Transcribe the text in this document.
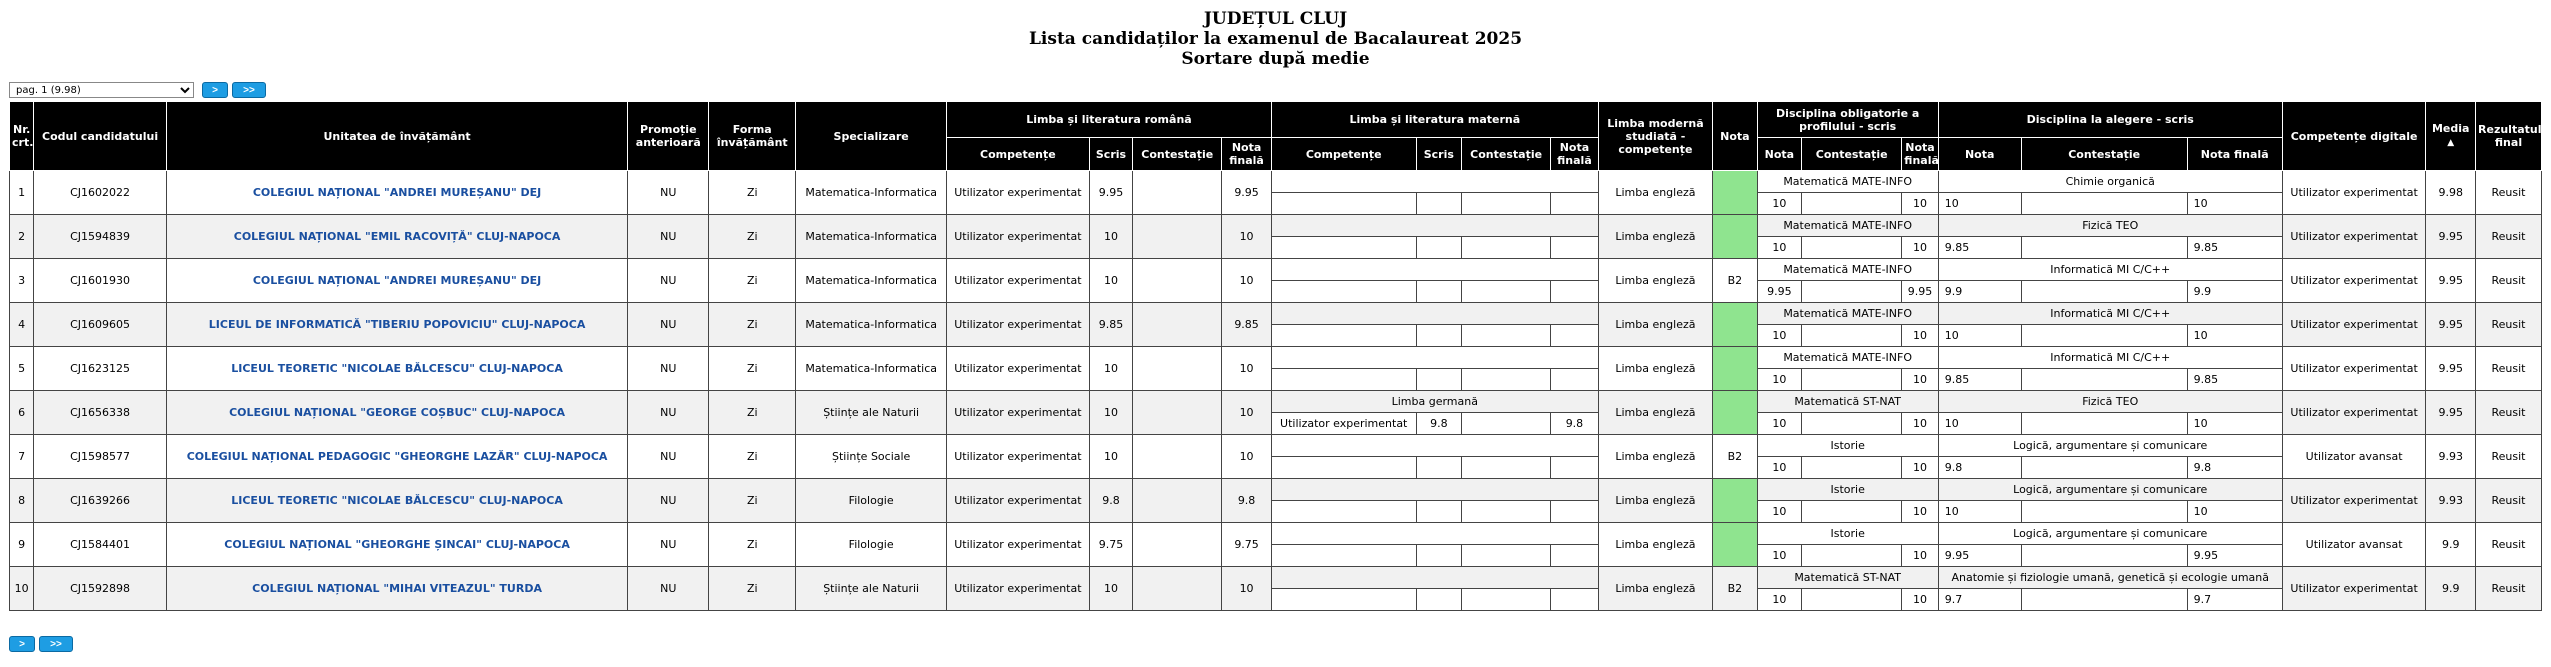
JUDEȚUL CLUJ
Lista candidaților la examenul de Bacalaureat 2025
Sortare după medie
pag. 1 (9.98)
>	>>
Nr. crt.	Codul candidatului	Unitatea de învățământ	Promoție anterioară	Forma învățământ	Specializare	Limba și literatura română				Limba și literatura maternă				Limba modernă studiată - competențe	Nota	Disciplina obligatorie a profilului - scris			Disciplina la alegere - scris			Competențe digitale	Media ▲	Rezultatul final
						Competențe	Scris	Contestație	Nota finală	Competențe	Scris	Contestație	Nota finală			Nota	Contestație	Nota finală	Nota	Contestație	Nota finală			
1	CJ1602022	COLEGIUL NAȚIONAL "ANDREI MUREȘANU" DEJ	NU	Zi	Matematica-Informatica	Utilizator experimentat	9.95		9.95					Limba engleză		Matematică MATE-INFO			Chimie organică			Utilizator experimentat	9.98	Reusit
																10		10	10		10			
2	CJ1594839	COLEGIUL NAȚIONAL "EMIL RACOVIȚĂ" CLUJ-NAPOCA	NU	Zi	Matematica-Informatica	Utilizator experimentat	10		10					Limba engleză		Matematică MATE-INFO			Fizică TEO			Utilizator experimentat	9.95	Reusit
																10		10	9.85		9.85			
3	CJ1601930	COLEGIUL NAȚIONAL "ANDREI MUREȘANU" DEJ	NU	Zi	Matematica-Informatica	Utilizator experimentat	10		10					Limba engleză	B2	Matematică MATE-INFO			Informatică MI C/C++			Utilizator experimentat	9.95	Reusit
																9.95		9.95	9.9		9.9			
4	CJ1609605	LICEUL DE INFORMATICĂ "TIBERIU POPOVICIU" CLUJ-NAPOCA	NU	Zi	Matematica-Informatica	Utilizator experimentat	9.85		9.85					Limba engleză		Matematică MATE-INFO			Informatică MI C/C++			Utilizator experimentat	9.95	Reusit
																10		10	10		10			
5	CJ1623125	LICEUL TEORETIC "NICOLAE BĂLCESCU" CLUJ-NAPOCA	NU	Zi	Matematica-Informatica	Utilizator experimentat	10		10					Limba engleză		Matematică MATE-INFO			Informatică MI C/C++			Utilizator experimentat	9.95	Reusit
																10		10	9.85		9.85			
6	CJ1656338	COLEGIUL NAȚIONAL "GEORGE COȘBUC" CLUJ-NAPOCA	NU	Zi	Științe ale Naturii	Utilizator experimentat	10		10	Limba germană				Limba engleză		Matematică ST-NAT			Fizică TEO			Utilizator experimentat	9.95	Reusit
										Utilizator experimentat	9.8		9.8			10		10	10		10			
7	CJ1598577	COLEGIUL NAȚIONAL PEDAGOGIC "GHEORGHE LAZĂR" CLUJ-NAPOCA	NU	Zi	Științe Sociale	Utilizator experimentat	10		10					Limba engleză	B2	Istorie			Logică, argumentare și comunicare			Utilizator avansat	9.93	Reusit
																10		10	9.8		9.8			
8	CJ1639266	LICEUL TEORETIC "NICOLAE BĂLCESCU" CLUJ-NAPOCA	NU	Zi	Filologie	Utilizator experimentat	9.8		9.8					Limba engleză		Istorie			Logică, argumentare și comunicare			Utilizator experimentat	9.93	Reusit
																10		10	10		10			
9	CJ1584401	COLEGIUL NAȚIONAL "GHEORGHE ȘINCAI" CLUJ-NAPOCA	NU	Zi	Filologie	Utilizator experimentat	9.75		9.75					Limba engleză		Istorie			Logică, argumentare și comunicare			Utilizator avansat	9.9	Reusit
																10		10	9.95		9.95			
10	CJ1592898	COLEGIUL NAȚIONAL "MIHAI VITEAZUL" TURDA	NU	Zi	Științe ale Naturii	Utilizator experimentat	10		10					Limba engleză	B2	Matematică ST-NAT			Anatomie și fiziologie umană, genetică și ecologie umană			Utilizator experimentat	9.9	Reusit
																10		10	9.7		9.7			
>	>>
